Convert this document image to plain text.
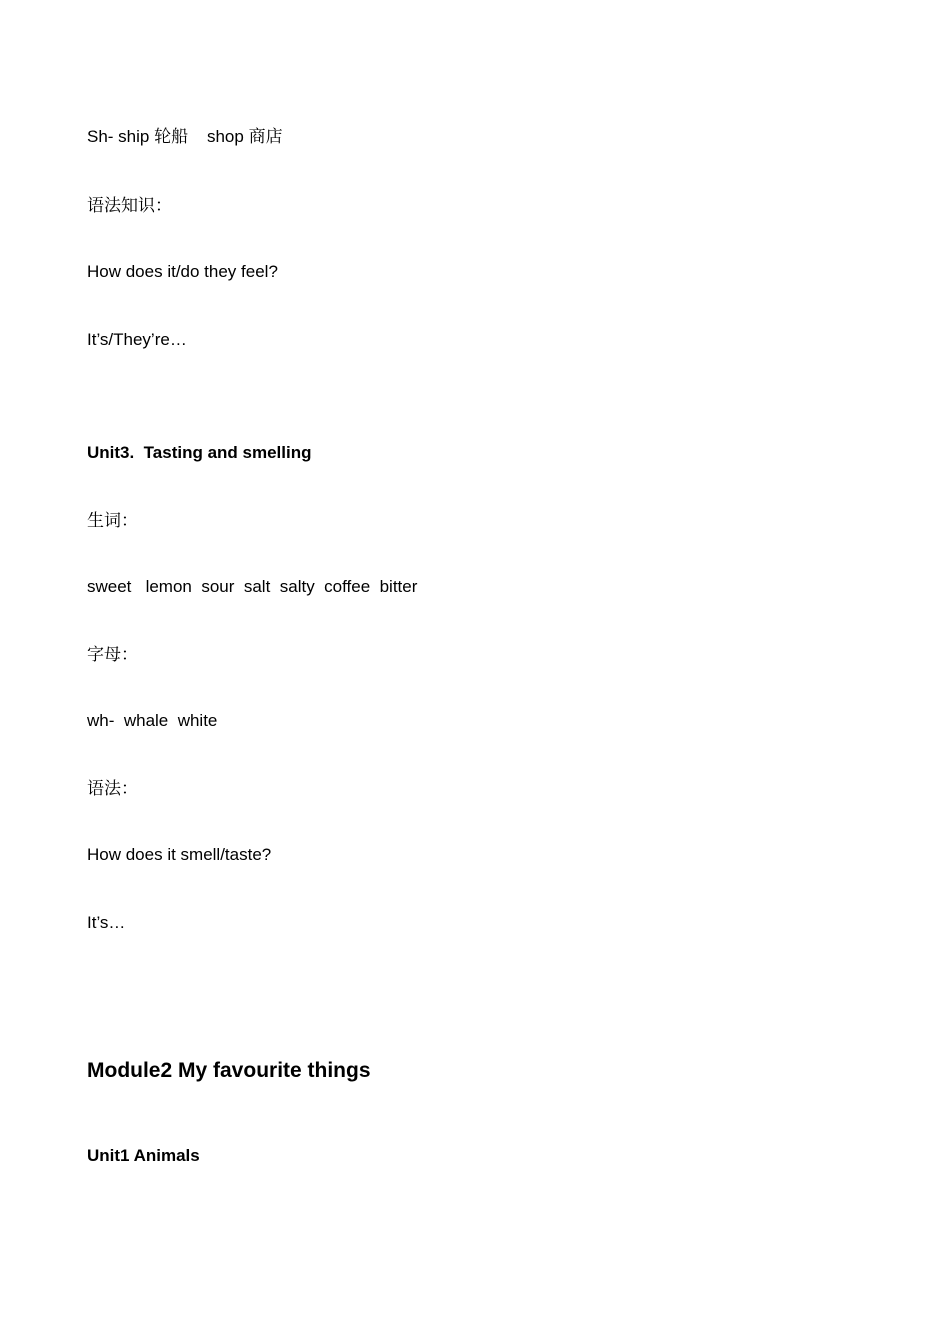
Sh- ship 轮船    shop 商店
语法知识：
How does it/do they feel?
It’s/They’re…
Unit3.  Tasting and smelling
生词：
sweet   lemon  sour  salt  salty  coffee  bitter
字母：
wh-  whale  white
语法：
How does it smell/taste?
It’s…
Module2 My favourite things
Unit1 Animals
